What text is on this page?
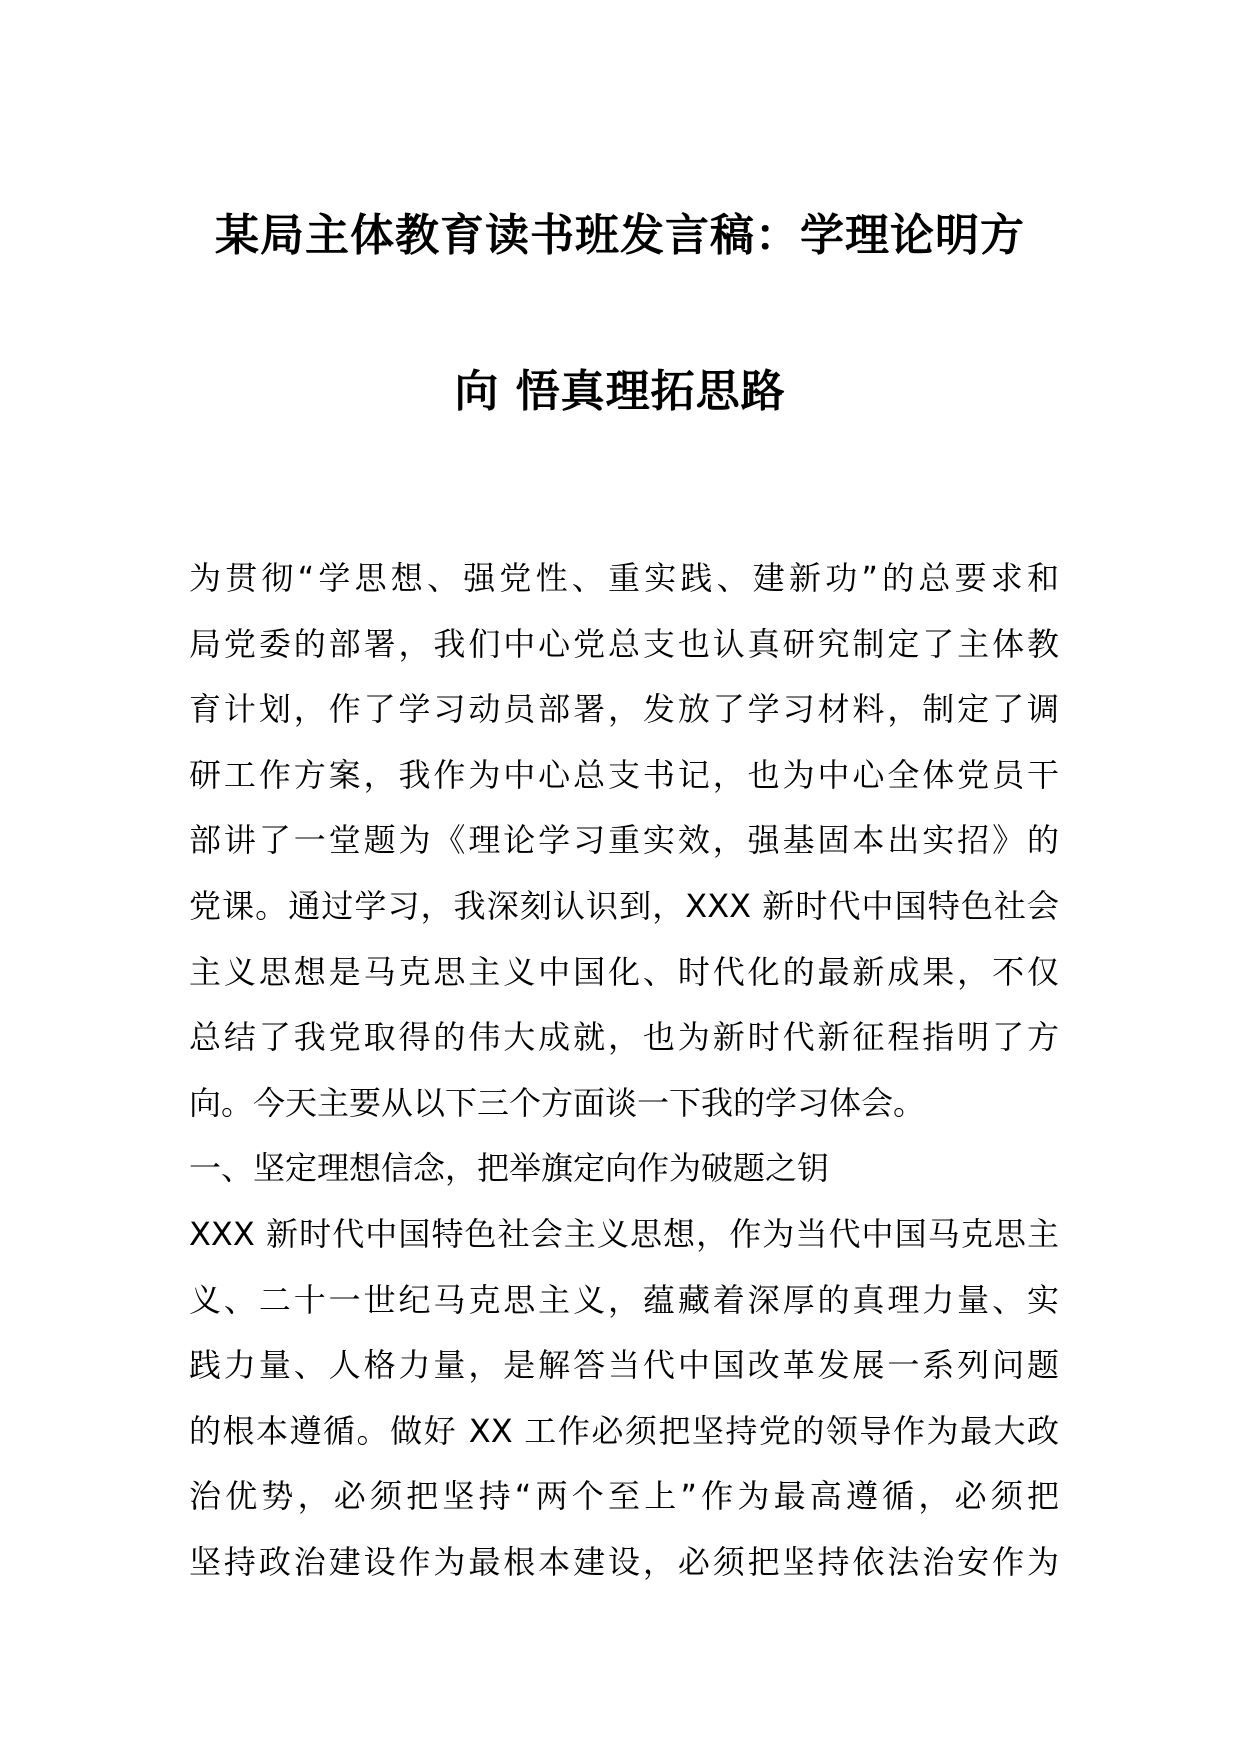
某局主体教育读书班发言稿：学理论明方
向 悟真理拓思路
为贯彻“学思想、强党性、重实践、建新功”的总要求和
局党委的部署，我们中心党总支也认真研究制定了主体教
育计划，作了学习动员部署，发放了学习材料，制定了调
研工作方案，我作为中心总支书记，也为中心全体党员干
部讲了一堂题为《理论学习重实效，强基固本出实招》的
党课。通过学习，我深刻认识到，XXX 新时代中国特色社会
主义思想是马克思主义中国化、时代化的最新成果，不仅
总结了我党取得的伟大成就，也为新时代新征程指明了方
向。今天主要从以下三个方面谈一下我的学习体会。
一、坚定理想信念，把举旗定向作为破题之钥
XXX 新时代中国特色社会主义思想，作为当代中国马克思主
义、二十一世纪马克思主义，蕴藏着深厚的真理力量、实
践力量、人格力量，是解答当代中国改革发展一系列问题
的根本遵循。做好 XX 工作必须把坚持党的领导作为最大政
治优势，必须把坚持“两个至上”作为最高遵循，必须把
坚持政治建设作为最根本建设，必须把坚持依法治安作为
